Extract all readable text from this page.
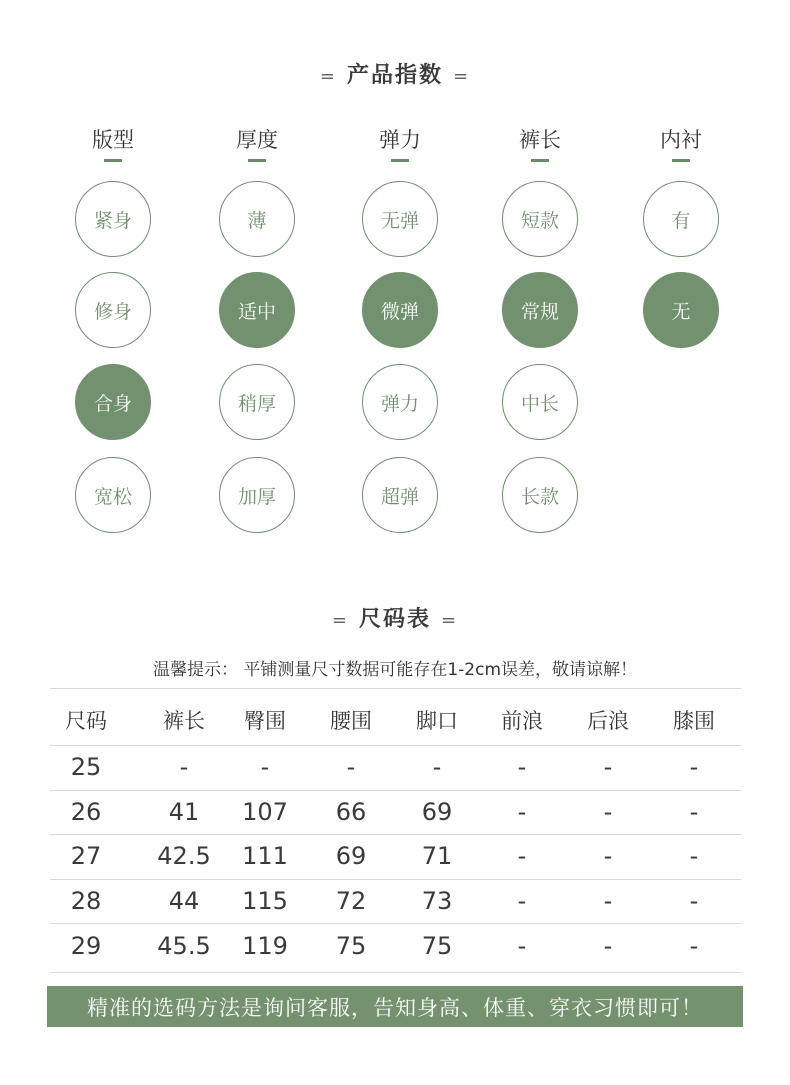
= 产品指数 =
版型
紧身
修身
合身
宽松
厚度
薄
适中
稍厚
加厚
弹力
无弹
微弹
弹力
超弹
裤长
短款
常规
中长
长款
内衬
有
无
= 尺码表 =
温馨提示： 平铺测量尺寸数据可能存在1-2cm误差，敬请谅解！
尺码	裤长	臀围	腰围	脚口	前浪	后浪	膝围
25	-	-	-	-	-	-	-
26	41	107	66	69	-	-	-
27	42.5	111	69	71	-	-	-
28	44	115	72	73	-	-	-
29	45.5	119	75	75	-	-	-
精准的选码方法是询问客服，告知身高、体重、穿衣习惯即可！
